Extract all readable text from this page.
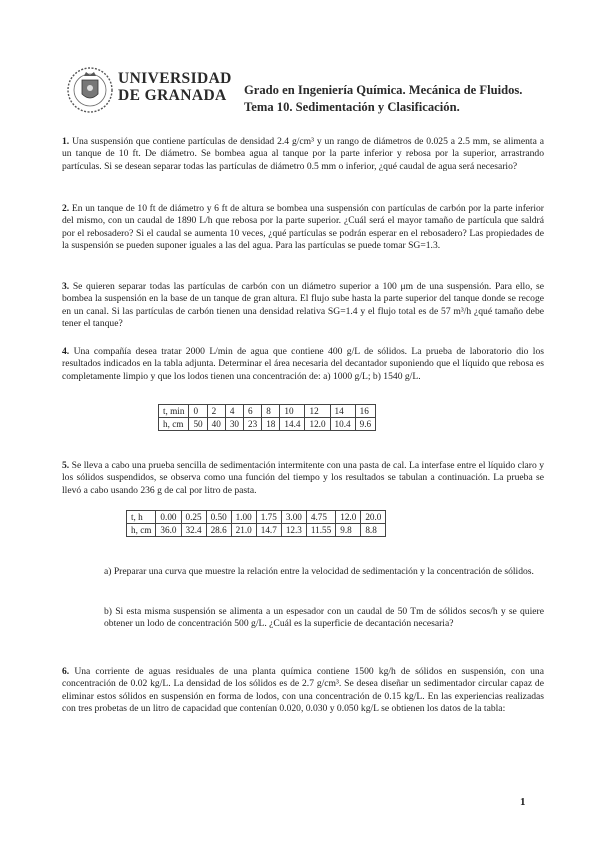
UNIVERSIDAD
DE GRANADA	Grado en Ingeniería Química. Mecánica de Fluidos.
Tema 10. Sedimentación y Clasificación.
1. Una suspensión que contiene partículas de densidad 2.4 g/cm³ y un rango de diámetros de 0.025 a 2.5 mm, se alimenta a un tanque de 10 ft. De diámetro. Se bombea agua al tanque por la parte inferior y rebosa por la superior, arrastrando partículas. Si se desean separar todas las partículas de diámetro 0.5 mm o inferior, ¿qué caudal de agua será necesario?
2. En un tanque de 10 ft de diámetro y 6 ft de altura se bombea una suspensión con partículas de carbón por la parte inferior del mismo, con un caudal de 1890 L/h que rebosa por la parte superior. ¿Cuál será el mayor tamaño de partícula que saldrá por el rebosadero? Si el caudal se aumenta 10 veces, ¿qué partículas se podrán esperar en el rebosadero? Las propiedades de la suspensión se pueden suponer iguales a las del agua. Para las partículas se puede tomar SG=1.3.
3. Se quieren separar todas las partículas de carbón con un diámetro superior a 100 μm de una suspensión. Para ello, se bombea la suspensión en la base de un tanque de gran altura. El flujo sube hasta la parte superior del tanque donde se recoge en un canal. Si las partículas de carbón tienen una densidad relativa SG=1.4 y el flujo total es de 57 m³/h ¿qué tamaño debe tener el tanque?
4. Una compañía desea tratar 2000 L/min de agua que contiene 400 g/L de sólidos. La prueba de laboratorio dio los resultados indicados en la tabla adjunta. Determinar el área necesaria del decantador suponiendo que el líquido que rebosa es completamente limpio y que los lodos tienen una concentración de: a) 1000 g/L; b) 1540 g/L.
t, min	0	2	4	6	8	10	12	14	16
h, cm	50	40	30	23	18	14.4	12.0	10.4	9.6
5. Se lleva a cabo una prueba sencilla de sedimentación intermitente con una pasta de cal. La interfase entre el líquido claro y los sólidos suspendidos, se observa como una función del tiempo y los resultados se tabulan a continuación. La prueba se llevó a cabo usando 236 g de cal por litro de pasta.
t, h	0.00	0.25	0.50	1.00	1.75	3.00	4.75	12.0	20.0
h, cm	36.0	32.4	28.6	21.0	14.7	12.3	11.55	9.8	8.8
a) Preparar una curva que muestre la relación entre la velocidad de sedimentación y la concentración de sólidos.
b) Si esta misma suspensión se alimenta a un espesador con un caudal de 50 Tm de sólidos secos/h y se quiere obtener un lodo de concentración 500 g/L. ¿Cuál es la superficie de decantación necesaria?
6. Una corriente de aguas residuales de una planta química contiene 1500 kg/h de sólidos en suspensión, con una concentración de 0.02 kg/L. La densidad de los sólidos es de 2.7 g/cm³. Se desea diseñar un sedimentador circular capaz de eliminar estos sólidos en suspensión en forma de lodos, con una concentración de 0.15 kg/L. En las experiencias realizadas con tres probetas de un litro de capacidad que contenían 0.020, 0.030 y 0.050 kg/L se obtienen los datos de la tabla:
1
